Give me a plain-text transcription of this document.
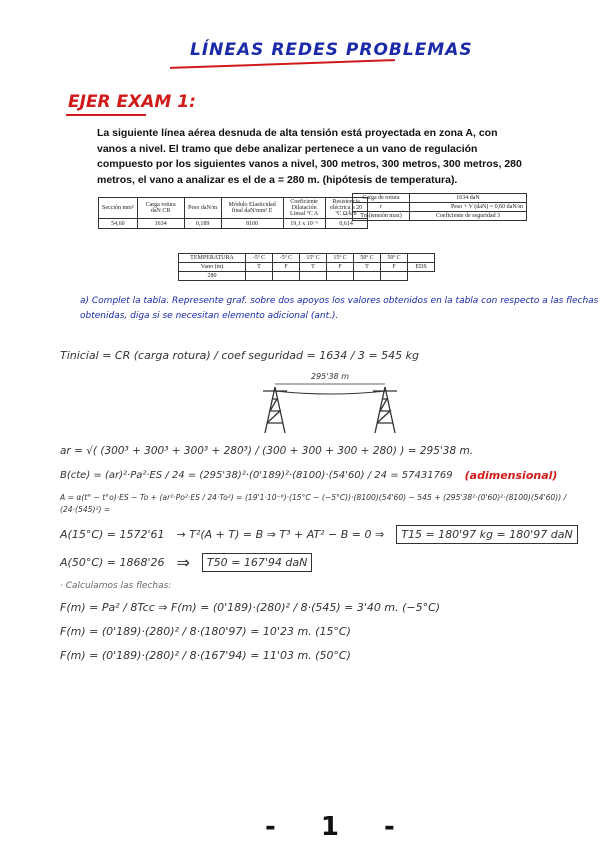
LÍNEAS REDES PROBLEMAS
EJER EXAM 1:
La siguiente línea aérea desnuda de alta tensión está proyectada en zona A, con vanos a nivel. El tramo que debe analizar pertenece a un vano de regulación compuesto por los siguientes vanos a nivel, 300 metros, 300 metros, 300 metros, 280 metros, el vano a analizar es el de a = 280 m. (hipótesis de temperatura).
Sección mm²	Carga rotura daN CR	Peso daN/m	Módulo Elasticidad final daN/mm² E	Coeficiente Dilatación Lineal ºC A	Resistencia eléctrica a 20 ºC Ω/km
54,60	1634	0,189	8100	19,1 x 10⁻⁶	0,614
Carga de rotura	1634 daN
r	Peso + V (daN) = 0,60 daN/m
Tm(tensión max)	Coeficiente de seguridad 3
TEMPERATURA	-5º C	-5º C	15º C	15º C	50º C	50º C	
Vano (m)	T	F	T	F	T	F	EDS
280							
a) Complet la tabla. Represente graf. sobre dos apoyos los valores obtenidos en la tabla con respecto a las flechas
obtenidas, diga si se necesitan elemento adicional (ant.).
Tinicial = CR (carga rotura) / coef seguridad = 1634 / 3 = 545 kg
295'38 m
ar = √( (300³ + 300³ + 300³ + 280³) / (300 + 300 + 300 + 280) ) = 295'38 m.
B(cte) = (ar)²·Pa²·ES / 24 = (295'38)²·(0'189)²·(8100)·(54'60) / 24 = 57431769 (adimensional)
A = α(t° − t°o)·ES − To + (ar²·Po²·ES / 24·To²) = (19'1·10⁻⁶)·(15°C − (−5°C))·(8100)(54'60) − 545 + (295'38²·(0'60)²·(8100)(54'60)) / (24·(545)²) =
A(15°C) = 1572'61 → T²(A + T) = B ⇒ T³ + AT² − B = 0 ⇒	T15 = 180'97 kg = 180'97 daN
A(50°C) = 1868'26 ⇒	T50 = 167'94 daN
· Calculamos las flechas:
F(m) = Pa² / 8Tcc ⇒ F(m) = (0'189)·(280)² / 8·(545) = 3'40 m. (−5°C)
F(m) = (0'189)·(280)² / 8·(180'97) = 10'23 m. (15°C)
F(m) = (0'189)·(280)² / 8·(167'94) = 11'03 m. (50°C)
- 1 -
